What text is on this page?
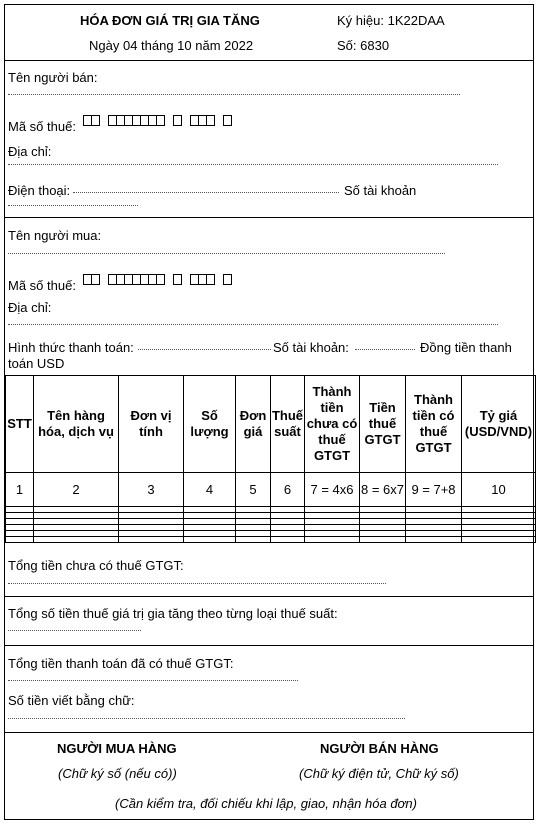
HÓA ĐƠN GIÁ TRỊ GIA TĂNG
Ngày 04 tháng 10 năm 2022
Ký hiệu: 1K22DAA
Số: 6830
Tên người bán:
Mã số thuế:
Địa chỉ:
Điện thoại:	Số tài khoản
Tên người mua:
Mã số thuế:
Địa chỉ:
Hình thức thanh toán:	Số tài khoản:	Đồng tiền thanh
toán USD
STT	Tên hàng hóa, dịch vụ	Đơn vị tính	Số lượng	Đơn giá	Thuế suất	Thành tiền chưa có thuế GTGT	Tiền thuế GTGT	Thành tiền có thuế GTGT	Tỷ giá (USD/VND)
1	2	3	4	5	6	7 = 4x6	8 = 6x7	9 = 7+8	10

Tổng tiền chưa có thuế GTGT:
Tổng số tiền thuế giá trị gia tăng theo từng loại thuế suất:
Tổng tiền thanh toán đã có thuế GTGT:
Số tiền viết bằng chữ:
NGƯỜI MUA HÀNG
(Chữ ký số (nếu có))
NGƯỜI BÁN HÀNG
(Chữ ký điện tử, Chữ ký số)
(Cần kiểm tra, đối chiếu khi lập, giao, nhận hóa đơn)
